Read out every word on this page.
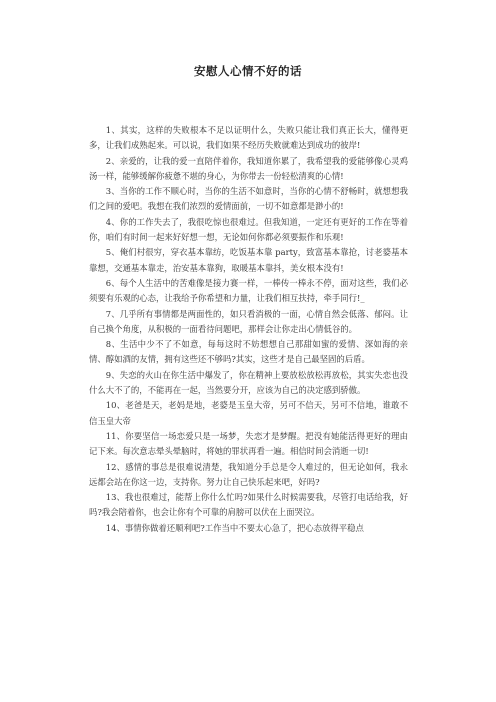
安慰人心情不好的话

1、其实，这样的失败根本不足以证明什么，失败只能让我们真正长大，懂得更多，让我们成熟起来。可以说，我们如果不经历失败就难达到成功的彼岸!

2、亲爱的，让我的爱一直陪伴着你，我知道你累了，我希望我的爱能够像心灵鸡汤一样，能够缓解你疲惫不堪的身心，为你带去一份轻松清爽的心情!

3、当你的工作不顺心时，当你的生活不如意时，当你的心情不舒畅时，就想想我们之间的爱吧。我想在我们浓烈的爱情面前，一切不如意都是渺小的!

4、你的工作失去了，我很吃惊也很难过。但我知道，一定还有更好的工作在等着你，咱们有时间一起来好好想一想，无论如何你都必须要振作和乐观!

5、俺们村很穷，穿衣基本靠纺，吃饭基本靠 party，致富基本靠抢，讨老婆基本靠想，交通基本靠走，治安基本靠狗，取暖基本靠抖，美女根本没有!

6、每个人生活中的苦难像是接力赛一样，一棒传一棒永不停，面对这些，我们必须要有乐观的心态，让我给予你希望和力量，让我们相互扶持，牵手同行!_

7、几乎所有事情都是两面性的，如只看消极的一面，心情自然会低落、郁闷。让自己换个角度，从积极的一面看待问题吧，那样会让你走出心情低谷的。

8、生活中少不了不如意，每每这时不妨想想自己那甜如蜜的爱情、深如海的亲情、醇如酒的友情，拥有这些还不够吗?其实，这些才是自己最坚固的后盾。

9、失恋的火山在你生活中爆发了，你在精神上要放松放松再放松，其实失恋也没什么大不了的，不能再在一起，当然要分开，应该为自己的决定感到骄傲。

10、老爸是天，老妈是地，老婆是玉皇大帝，另可不信天，另可不信地，谁敢不信玉皇大帝

11、你要坚信一场恋爱只是一场梦，失恋才是梦醒。把没有她能活得更好的理由记下来。每次意志晕头晕脑时，将她的罪状再看一遍。相信时间会消逝一切!

12、感情的事总是很难说清楚，我知道分手总是令人难过的，但无论如何，我永远都会站在你这一边，支持你。努力让自己快乐起来吧，好吗?

13、我也很难过，能帮上你什么忙吗?如果什么时候需要我，尽管打电话给我，好吗?我会陪着你，也会让你有个可靠的肩膀可以伏在上面哭泣。

14、事情你做着还顺利吧?工作当中不要太心急了，把心态放得平稳点
